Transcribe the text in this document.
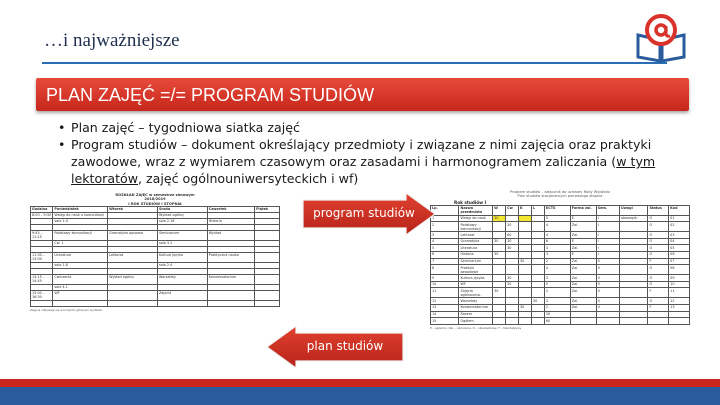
…i najważniejsze
PLAN ZAJĘĆ =/= PROGRAM STUDIÓW
• Plan zajęć – tygodniowa siatka zajęć
• Program studiów – dokument określający przedmioty i związane z nimi zajęcia oraz praktyki zawodowe, wraz z wymiarem czasowym oraz zasadami i harmonogramem zaliczania (w tym lektoratów, zajęć ogólnouniwersyteckich i wf)
ROZKŁAD ZAJĘĆ w semestrze zimowym
2018/2019
I ROK STUDIÓW I STOPNIA
Godzina	Poniedziałek	Wtorek	Środa	Czwartek	Piątek
8:00 – 9:30	Wstęp do nauk o komunikacji		Wykład ogólny		
	sala 1.4		sala 2.16	Historia	

9:45 – 11:15	Podstawy komunikacji	Gramatyka opisowa	Seminarium	Wykład	
	Ćw. 1		sala 3.2		

11:30 – 13:00	Literatura	Lektorat	Kultura języka	Praktyczna nauka	
	sala 1.8		sala 2.4		

13:15 – 14:45	Ćwiczenia	Wykład ogólny	Warsztaty	Konwersatorium	
	sala 4.1				
15:00 – 16:30	WF		Zajęcia		

Zajęcia odbywają się w budynku głównym wydziału.
Program studiów – załącznik do uchwały Rady Wydziału
Plan studiów stacjonarnych pierwszego stopnia
Rok studiów I
Lp.	Nazwa przedmiotu	W	Ćw	K	L	ECTS	Forma zal.	Sem.	Uwagi	Status	Kod
1	Wstęp do nauk	30				5	E	I	obowiązk.	O	01
2	Podstawy komunikacji		30			4	Zal.	I		O	02
3	Lektorat		60			4	Zal.	I		O	03
4	Gramatyka	30	30			6	E	I		O	04
5	Literatura		30			3	Zal.	I		O	05
6	Historia	30				3	E	I		O	06
7	Seminarium			30		2	Zal.	II		F	07
8	Praktyki zawodowe					4	Zal.	II		O	08
9	Kultura języka		30			3	Zal.	II		O	09
10	WF		30			0	Zal.	II		O	10
11	Zajęcia ogólnouniw.	30				2	Zal.	II		F	11
12	Warsztaty				30	3	Zal.	II		O	12
13	Konwersatorium			30		2	Zal.	II		F	13
14	Razem					30					
15	Ogółem					60					
E – egzamin, Zal. – zaliczenie, O – obowiązkowy, F – fakultatywny
program studiów
plan studiów
